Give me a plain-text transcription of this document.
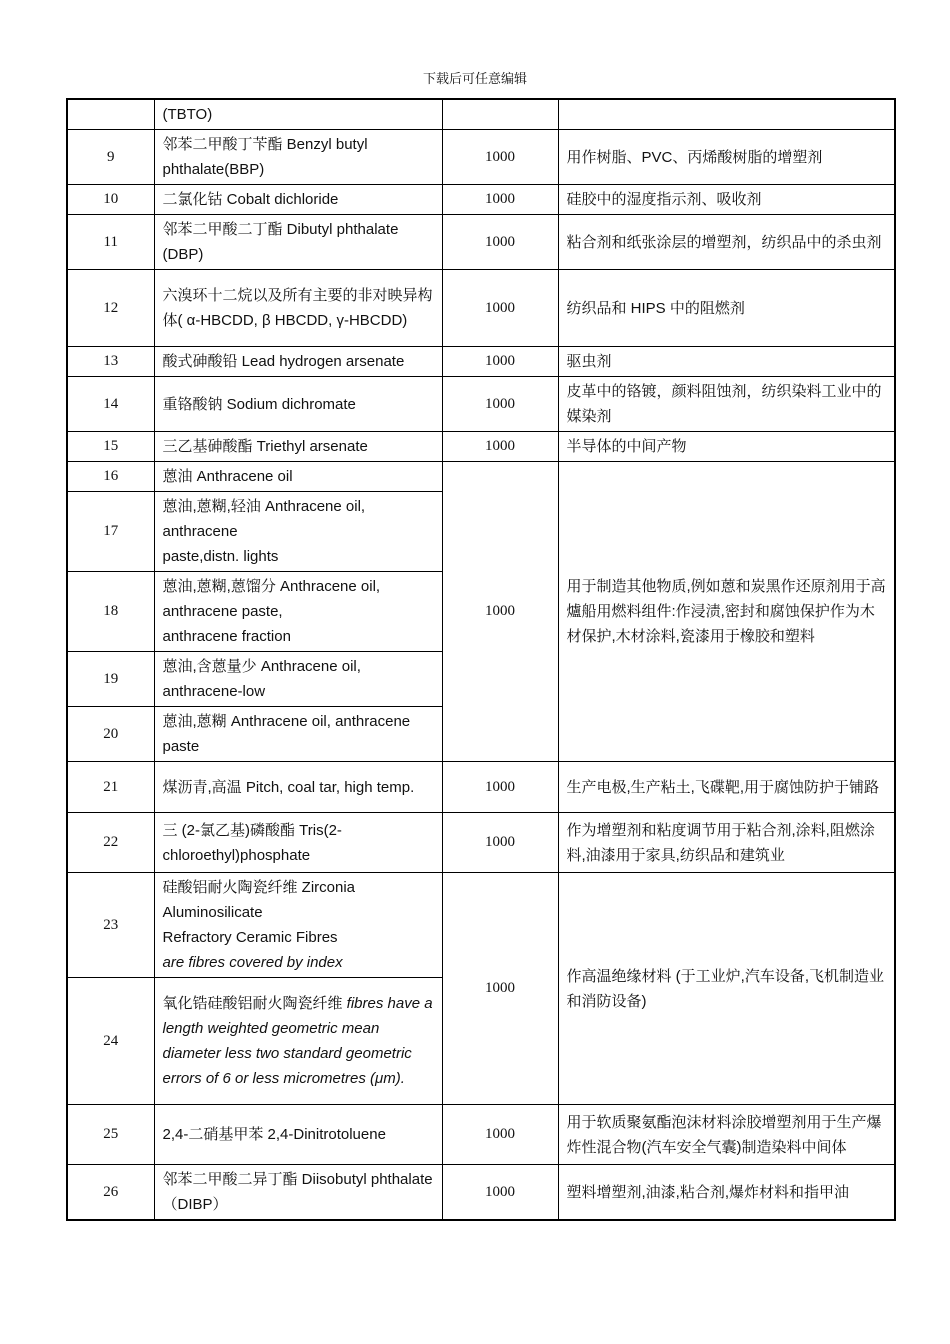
下载后可任意编辑
	(TBTO)		
9	邻苯二甲酸丁苄酯 Benzyl butyl phthalate(BBP)	1000	用作树脂、PVC、丙烯酸树脂的增塑剂
10	二氯化钴 Cobalt dichloride	1000	硅胶中的湿度指示剂、吸收剂
11	邻苯二甲酸二丁酯 Dibutyl phthalate (DBP)	1000	粘合剂和纸张涂层的增塑剂，纺织品中的杀虫剂
12	六溴环十二烷以及所有主要的非对映异构体( α-HBCDD, β HBCDD, γ-HBCDD)	1000	纺织品和 HIPS 中的阻燃剂
13	酸式砷酸铅 Lead hydrogen arsenate	1000	驱虫剂
14	重铬酸钠 Sodium dichromate	1000	皮革中的铬镀，颜料阻蚀剂，纺织染料工业中的媒染剂
15	三乙基砷酸酯 Triethyl arsenate	1000	半导体的中间产物
16	蒽油 Anthracene oil	1000	用于制造其他物质,例如蒽和炭黑作还原剂用于高爐船用燃料组件:作浸渍,密封和腐蚀保护作为木材保护,木材涂料,瓷漆用于橡胶和塑料
17	蒽油,蒽糊,轻油 Anthracene oil, anthracene
paste,distn. lights		

18	蒽油,蒽糊,蒽馏分 Anthracene oil, anthracene paste,
anthracene fraction		

19	蒽油,含蒽量少 Anthracene oil, anthracene-low		
20	蒽油,蒽糊 Anthracene oil, anthracene paste		
21	煤沥青,高温 Pitch, coal tar, high temp.	1000	生产电极,生产粘土,飞碟靶,用于腐蚀防护于铺路
22	三 (2-氯乙基)磷酸酯 Tris(2-chloroethyl)phosphate	1000	作为增塑剂和粘度调节用于粘合剂,涂料,阻燃涂料,油漆用于家具,纺织品和建筑业
23	硅酸铝耐火陶瓷纤维 Zirconia Aluminosilicate
Refractory Ceramic Fibres
are fibres covered by index	1000	作高温绝缘材料 (于工业炉,汽车设备,飞机制造业和消防设备)
24	氧化锆硅酸铝耐火陶瓷纤维 fibres have a length weighted geometric mean diameter less two standard geometric errors of 6 or less micrometres (μm).		
25	2,4-二硝基甲苯 2,4-Dinitrotoluene	1000	用于软质聚氨酯泡沫材料涂胶增塑剂用于生产爆炸性混合物(汽车安全气囊)制造染料中间体
26	邻苯二甲酸二异丁酯 Diisobutyl phthalate（DIBP）	1000	塑料增塑剂,油漆,粘合剂,爆炸材料和指甲油
